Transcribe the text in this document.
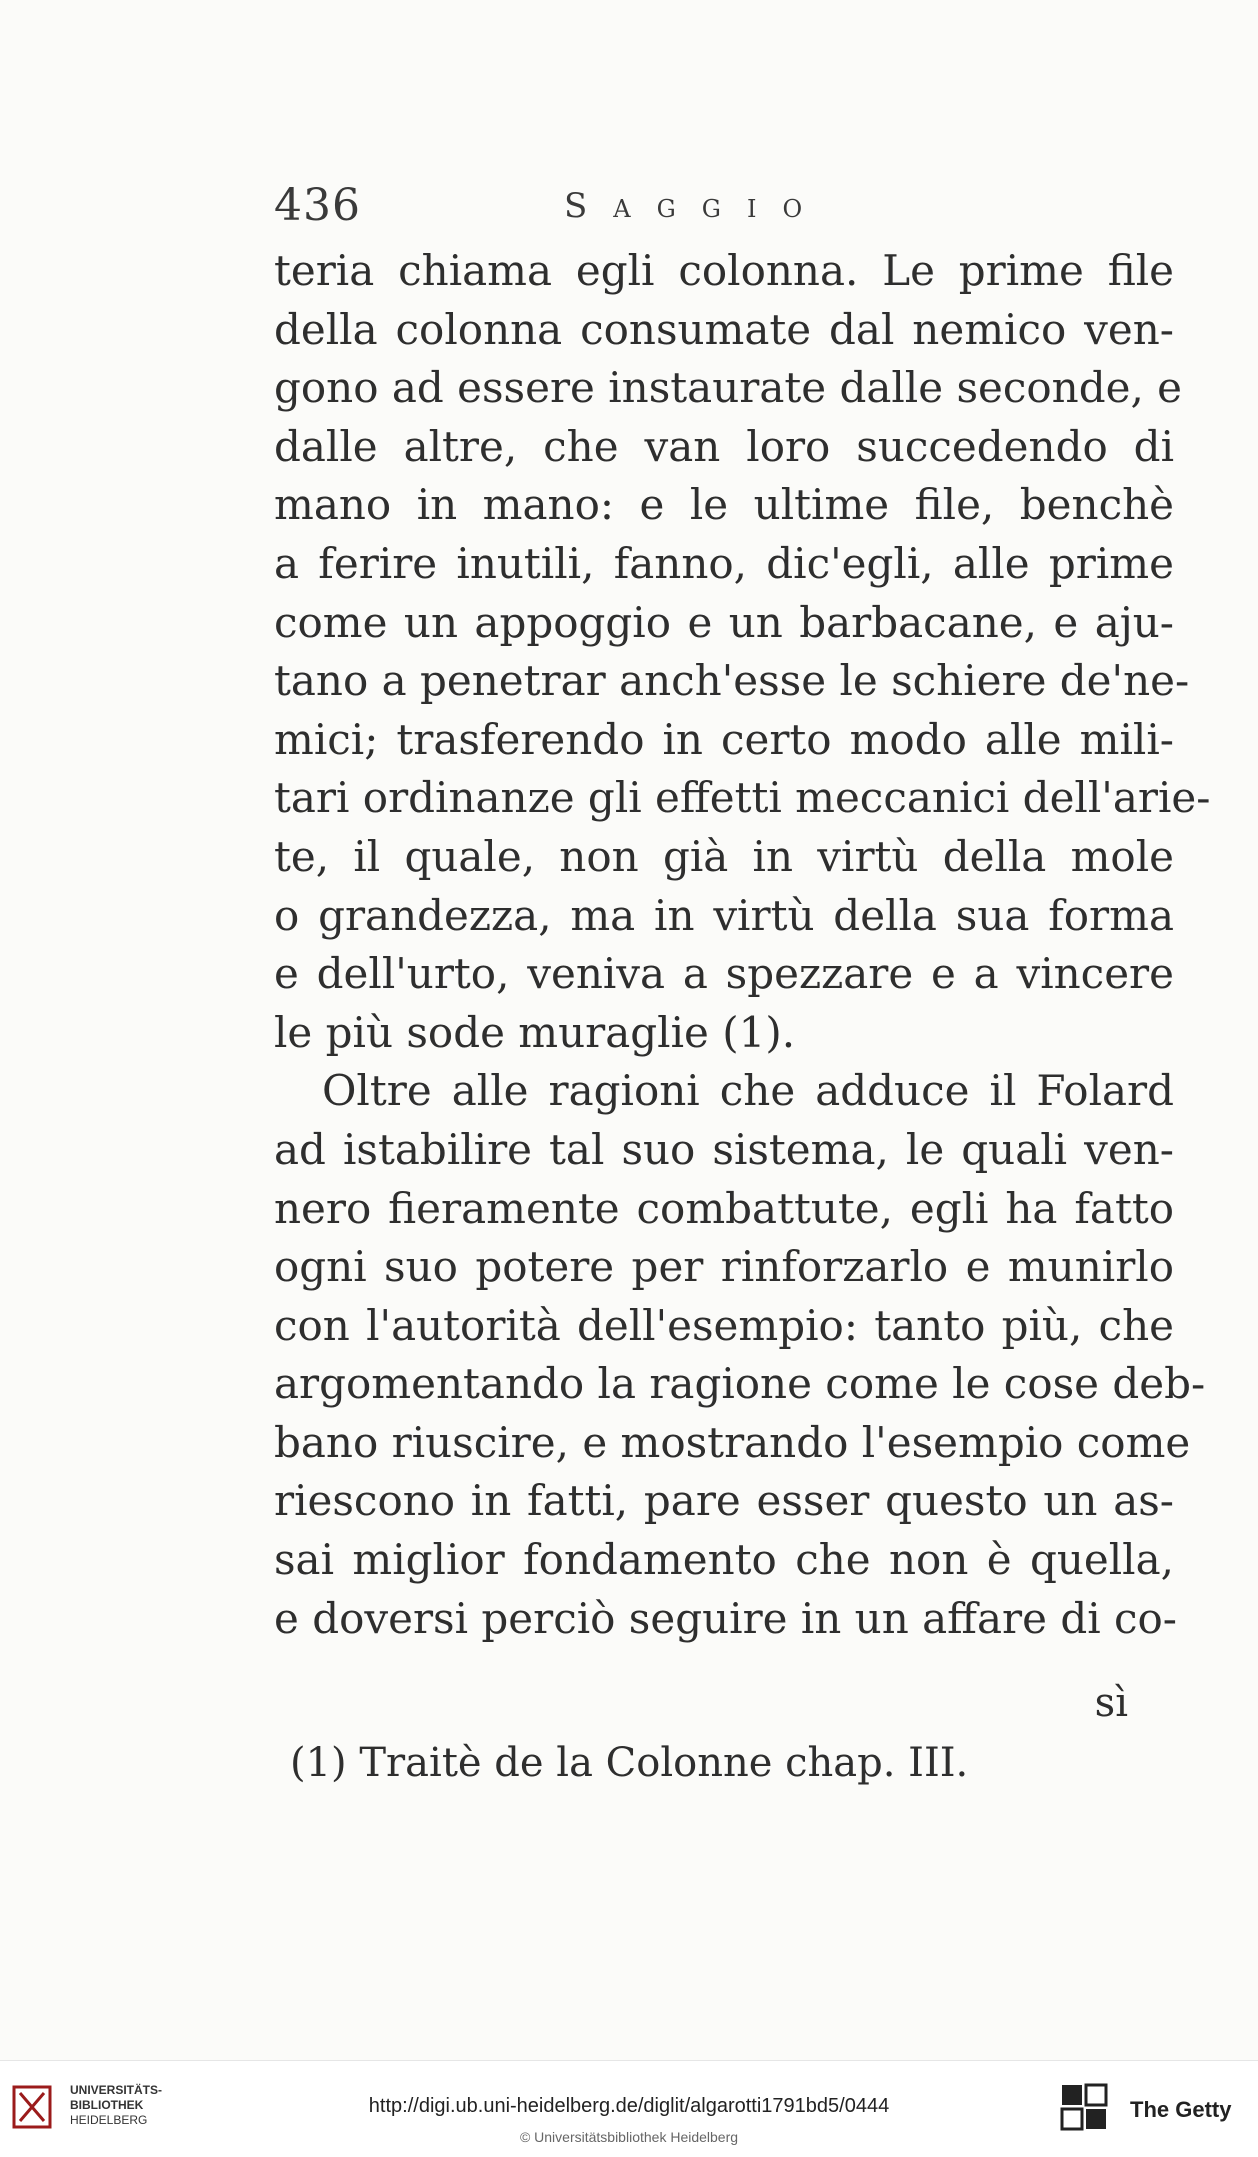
436	Saggio
teria chiama egli colonna. Le prime file
della colonna consumate dal nemico ven-
gono ad essere instaurate dalle seconde, e
dalle altre, che van loro succedendo di
mano in mano: e le ultime file, benchè
a ferire inutili, fanno, dic'egli, alle prime
come un appoggio e un barbacane, e aju-
tano a penetrar anch'esse le schiere de'ne-
mici; trasferendo in certo modo alle mili-
tari ordinanze gli effetti meccanici dell'arie-
te, il quale, non già in virtù della mole
o grandezza, ma in virtù della sua forma
e dell'urto, veniva a spezzare e a vincere
le più sode muraglie (1).
Oltre alle ragioni che adduce il Folard
ad istabilire tal suo sistema, le quali ven-
nero fieramente combattute, egli ha fatto
ogni suo potere per rinforzarlo e munirlo
con l'autorità dell'esempio: tanto più, che
argomentando la ragione come le cose deb-
bano riuscire, e mostrando l'esempio come
riescono in fatti, pare esser questo un as-
sai miglior fondamento che non è quella,
e doversi perciò seguire in un affare di co-
sì
(1) Traitè de la Colonne chap. III.
UNIVERSITÄTS-
BIBLIOTHEK
HEIDELBERG
http://digi.ub.uni-heidelberg.de/diglit/algarotti1791bd5/0444
© Universitätsbibliothek Heidelberg
The Getty
